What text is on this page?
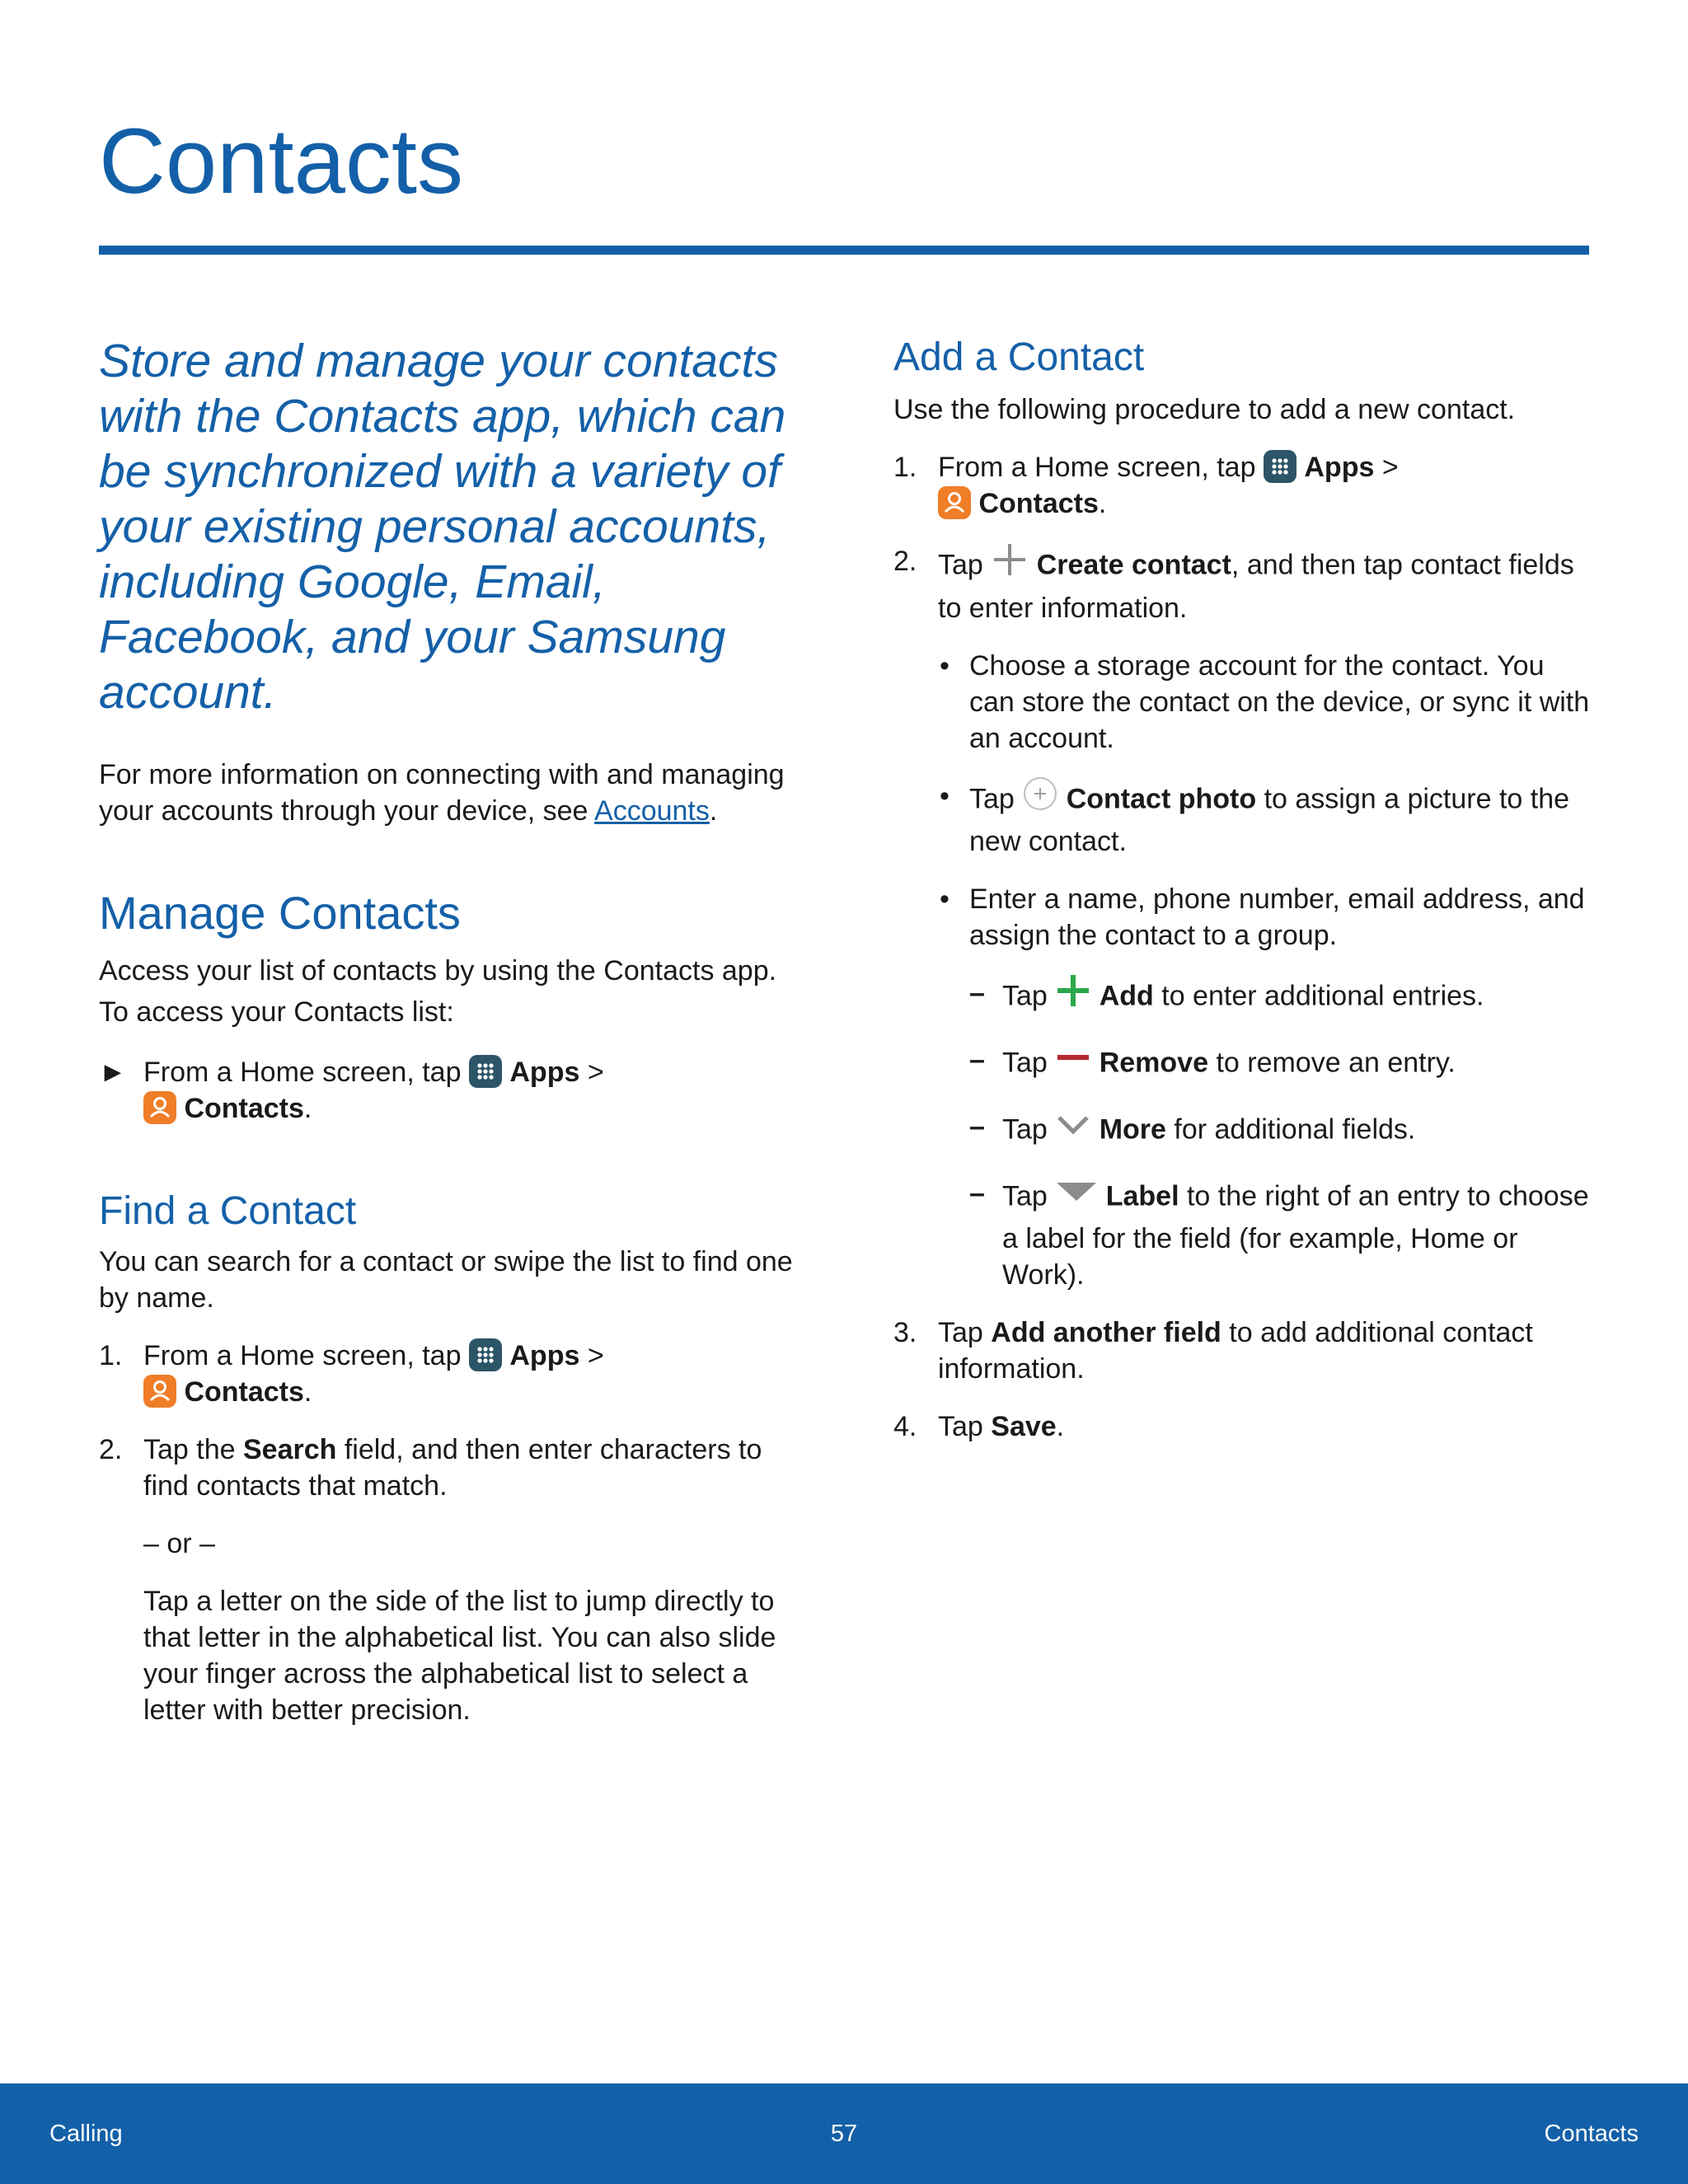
Contacts

Store and manage your contacts with the Contacts app, which can be synchronized with a variety of your existing personal accounts, including Google, Email, Facebook, and your Samsung account.

For more information on connecting with and managing your accounts through your device, see Accounts.

Manage Contacts

Access your list of contacts by using the Contacts app. To access your Contacts list:

► From a Home screen, tap  Apps >
Contacts.
Find a Contact

You can search for a contact or swipe the list to find one by name.

1. From a Home screen, tap  Apps >
Contacts.
2. Tap the Search field, and then enter characters to find contacts that match.

– or –

Tap a letter on the side of the list to jump directly to that letter in the alphabetical list. You can also slide your finger across the alphabetical list to select a letter with better precision.

Add a Contact

Use the following procedure to add a new contact.

1. From a Home screen, tap  Apps >
Contacts.
2. Tap  Create contact, and then tap contact fields to enter information.
• Choose a storage account for the contact. You can store the contact on the device, or sync it with an account.
• Tap  Contact photo to assign a picture to the new contact.
• Enter a name, phone number, email address, and assign the contact to a group.
– Tap  Add to enter additional entries.
– Tap  Remove to remove an entry.
– Tap  More for additional fields.
– Tap  Label to the right of an entry to choose a label for the field (for example, Home or Work).
3. Tap Add another field to add additional contact information.
4. Tap Save.
Calling	57	Contacts
